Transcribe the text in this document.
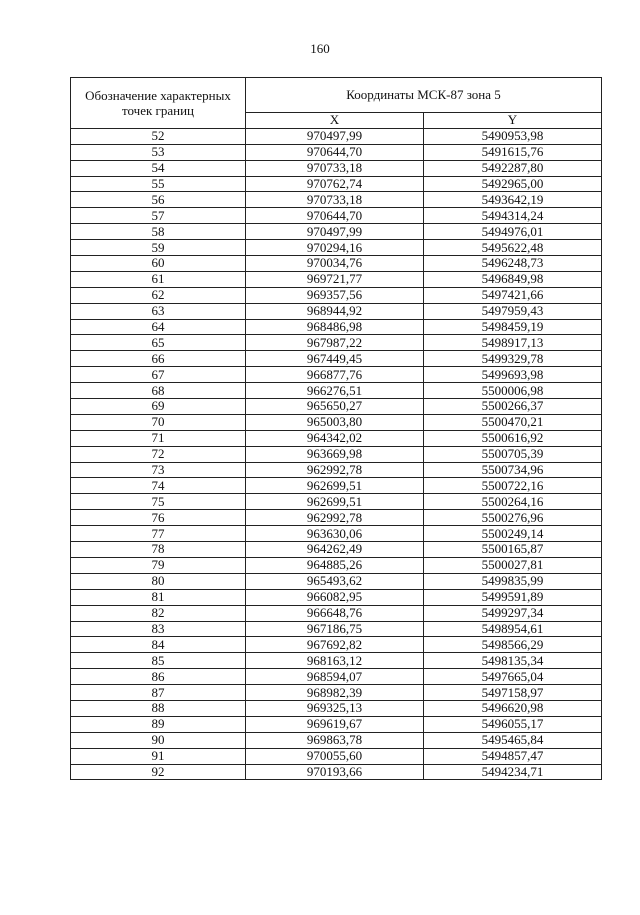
160
Обозначение характерных точек границ	Координаты МСК-87 зона 5	
	X	Y
52	970497,99	5490953,98
53	970644,70	5491615,76
54	970733,18	5492287,80
55	970762,74	5492965,00
56	970733,18	5493642,19
57	970644,70	5494314,24
58	970497,99	5494976,01
59	970294,16	5495622,48
60	970034,76	5496248,73
61	969721,77	5496849,98
62	969357,56	5497421,66
63	968944,92	5497959,43
64	968486,98	5498459,19
65	967987,22	5498917,13
66	967449,45	5499329,78
67	966877,76	5499693,98
68	966276,51	5500006,98
69	965650,27	5500266,37
70	965003,80	5500470,21
71	964342,02	5500616,92
72	963669,98	5500705,39
73	962992,78	5500734,96
74	962699,51	5500722,16
75	962699,51	5500264,16
76	962992,78	5500276,96
77	963630,06	5500249,14
78	964262,49	5500165,87
79	964885,26	5500027,81
80	965493,62	5499835,99
81	966082,95	5499591,89
82	966648,76	5499297,34
83	967186,75	5498954,61
84	967692,82	5498566,29
85	968163,12	5498135,34
86	968594,07	5497665,04
87	968982,39	5497158,97
88	969325,13	5496620,98
89	969619,67	5496055,17
90	969863,78	5495465,84
91	970055,60	5494857,47
92	970193,66	5494234,71
